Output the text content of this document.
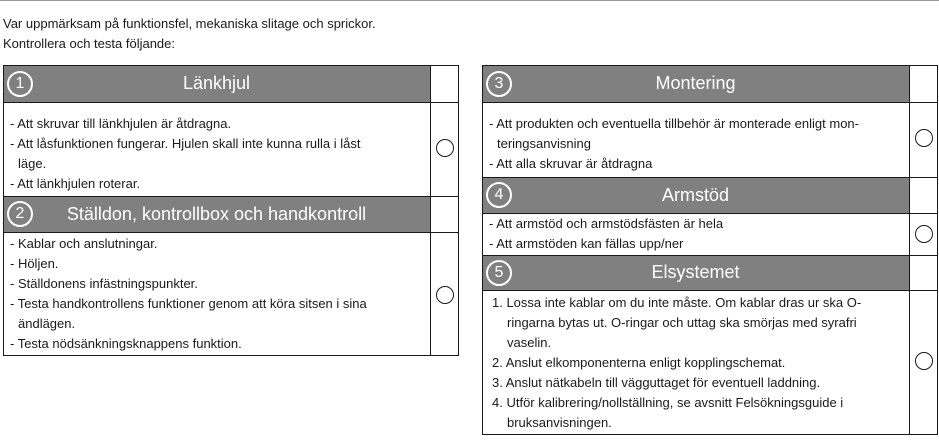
Var uppmärksam på funktionsfel, mekaniska slitage och sprickor.
Kontrollera och testa följande:
1	Länkhjul
- Att skruvar till länkhjulen är åtdragna.
- Att låsfunktionen fungerar. Hjulen skall inte kunna rulla i låst
läge.
- Att länkhjulen roterar.
2	Ställdon, kontrollbox och handkontroll
- Kablar och anslutningar.
- Höljen.
- Ställdonens infästningspunkter.
- Testa handkontrollens funktioner genom att köra sitsen i sina
ändlägen.
- Testa nödsänkningsknappens funktion.
3	Montering
- Att produkten och eventuella tillbehör är monterade enligt mon-
teringsanvisning
- Att alla skruvar är åtdragna
4	Armstöd
- Att armstöd och armstödsfästen är hela
- Att armstöden kan fällas upp/ner
5	Elsystemet
1. Lossa inte kablar om du inte måste. Om kablar dras ur ska O-
ringarna bytas ut. O-ringar och uttag ska smörjas med syrafri
vaselin.
2. Anslut elkomponenterna enligt kopplingschemat.
3. Anslut nätkabeln till vägguttaget för eventuell laddning.
4. Utför kalibrering/nollställning, se avsnitt Felsökningsguide i
bruksanvisningen.
